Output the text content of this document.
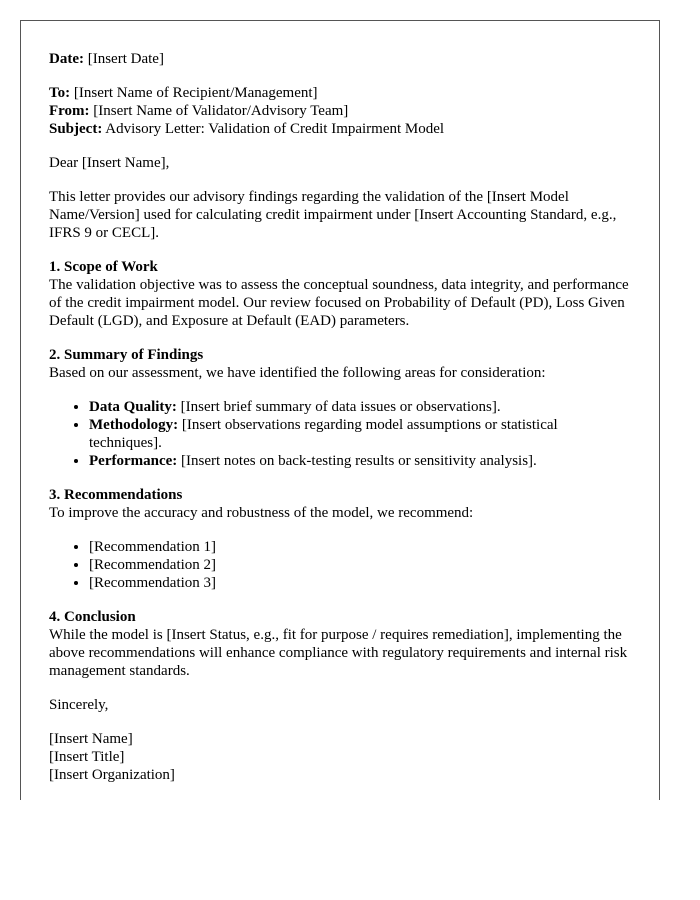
Date: [Insert Date]

To: [Insert Name of Recipient/Management]

From: [Insert Name of Validator/Advisory Team]

Subject: Advisory Letter: Validation of Credit Impairment Model

Dear [Insert Name],

This letter provides our advisory findings regarding the validation of the [Insert Model Name/Version] used for calculating credit impairment under [Insert Accounting Standard, e.g., IFRS 9 or CECL].

1. Scope of Work

The validation objective was to assess the conceptual soundness, data integrity, and performance of the credit impairment model. Our review focused on Probability of Default (PD), Loss Given Default (LGD), and Exposure at Default (EAD) parameters.

2. Summary of Findings

Based on our assessment, we have identified the following areas for consideration:

• Data Quality: [Insert brief summary of data issues or observations].
• Methodology: [Insert observations regarding model assumptions or statistical techniques].
• Performance: [Insert notes on back-testing results or sensitivity analysis].
3. Recommendations

To improve the accuracy and robustness of the model, we recommend:

• [Recommendation 1]
• [Recommendation 2]
• [Recommendation 3]
4. Conclusion

While the model is [Insert Status, e.g., fit for purpose / requires remediation], implementing the above recommendations will enhance compliance with regulatory requirements and internal risk management standards.

Sincerely,

[Insert Name]

[Insert Title]

[Insert Organization]
